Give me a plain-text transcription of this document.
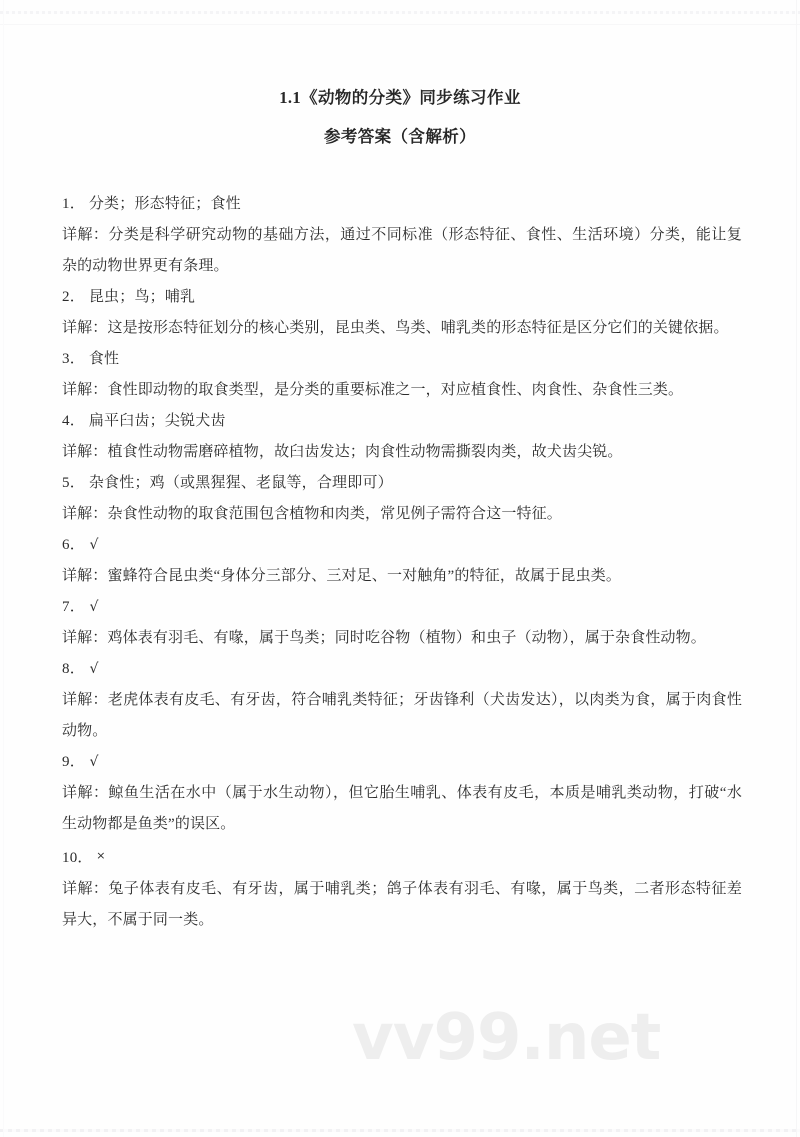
vv99.net
1.1《动物的分类》同步练习作业
参考答案（含解析）
1． 分类；形态特征；食性
详解：分类是科学研究动物的基础方法，通过不同标准（形态特征、食性、生活环境）分类，能让复杂的动物世界更有条理。
2． 昆虫；鸟；哺乳
详解：这是按形态特征划分的核心类别，昆虫类、鸟类、哺乳类的形态特征是区分它们的关键依据。
3． 食性
详解：食性即动物的取食类型，是分类的重要标准之一，对应植食性、肉食性、杂食性三类。
4． 扁平臼齿；尖锐犬齿
详解：植食性动物需磨碎植物，故臼齿发达；肉食性动物需撕裂肉类，故犬齿尖锐。
5． 杂食性；鸡（或黑猩猩、老鼠等，合理即可）
详解：杂食性动物的取食范围包含植物和肉类，常见例子需符合这一特征。
6． √
详解：蜜蜂符合昆虫类“身体分三部分、三对足、一对触角”的特征，故属于昆虫类。
7． √
详解：鸡体表有羽毛、有喙，属于鸟类；同时吃谷物（植物）和虫子（动物），属于杂食性动物。
8． √
详解：老虎体表有皮毛、有牙齿，符合哺乳类特征；牙齿锋利（犬齿发达），以肉类为食，属于肉食性动物。
9． √
详解：鲸鱼生活在水中（属于水生动物），但它胎生哺乳、体表有皮毛，本质是哺乳类动物，打破“水生动物都是鱼类”的误区。
10． ×
详解：兔子体表有皮毛、有牙齿，属于哺乳类；鸽子体表有羽毛、有喙，属于鸟类，二者形态特征差异大，不属于同一类。
